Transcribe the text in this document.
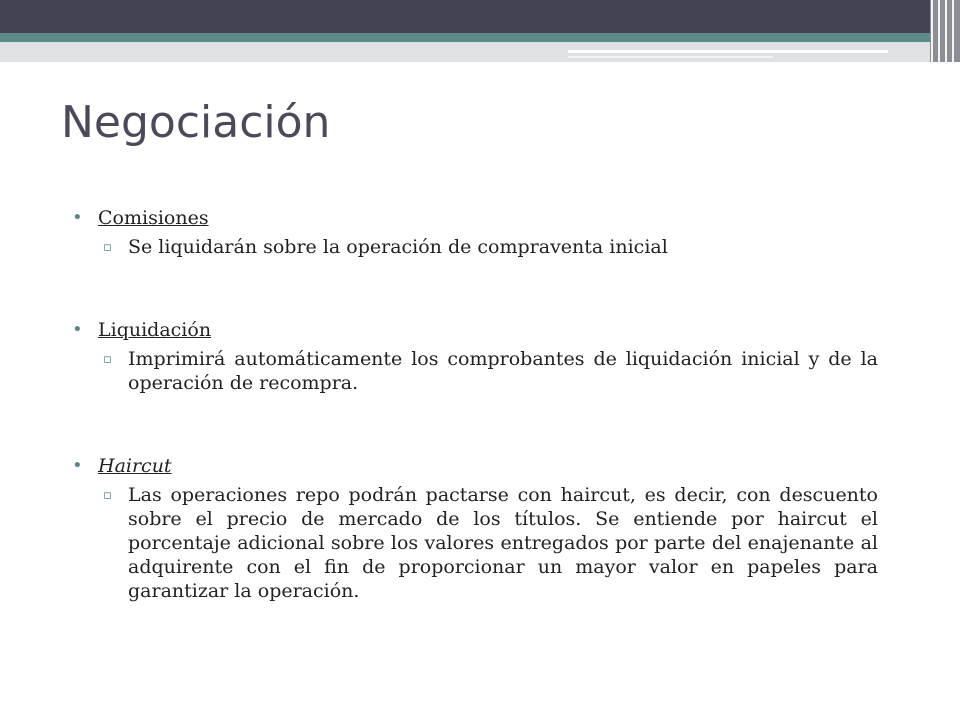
Negociación
• Comisiones
▫ Se liquidarán sobre la operación de compraventa inicial
• Liquidación
▫ Imprimirá automáticamente los comprobantes de liquidación inicial y de la operación de recompra.
• Haircut
▫ Las operaciones repo podrán pactarse con haircut, es decir, con descuento sobre el precio de mercado de los títulos. Se entiende por haircut el porcentaje adicional sobre los valores entregados por parte del enajenante al adquirente con el fin de proporcionar un mayor valor en papeles para garantizar la operación.
